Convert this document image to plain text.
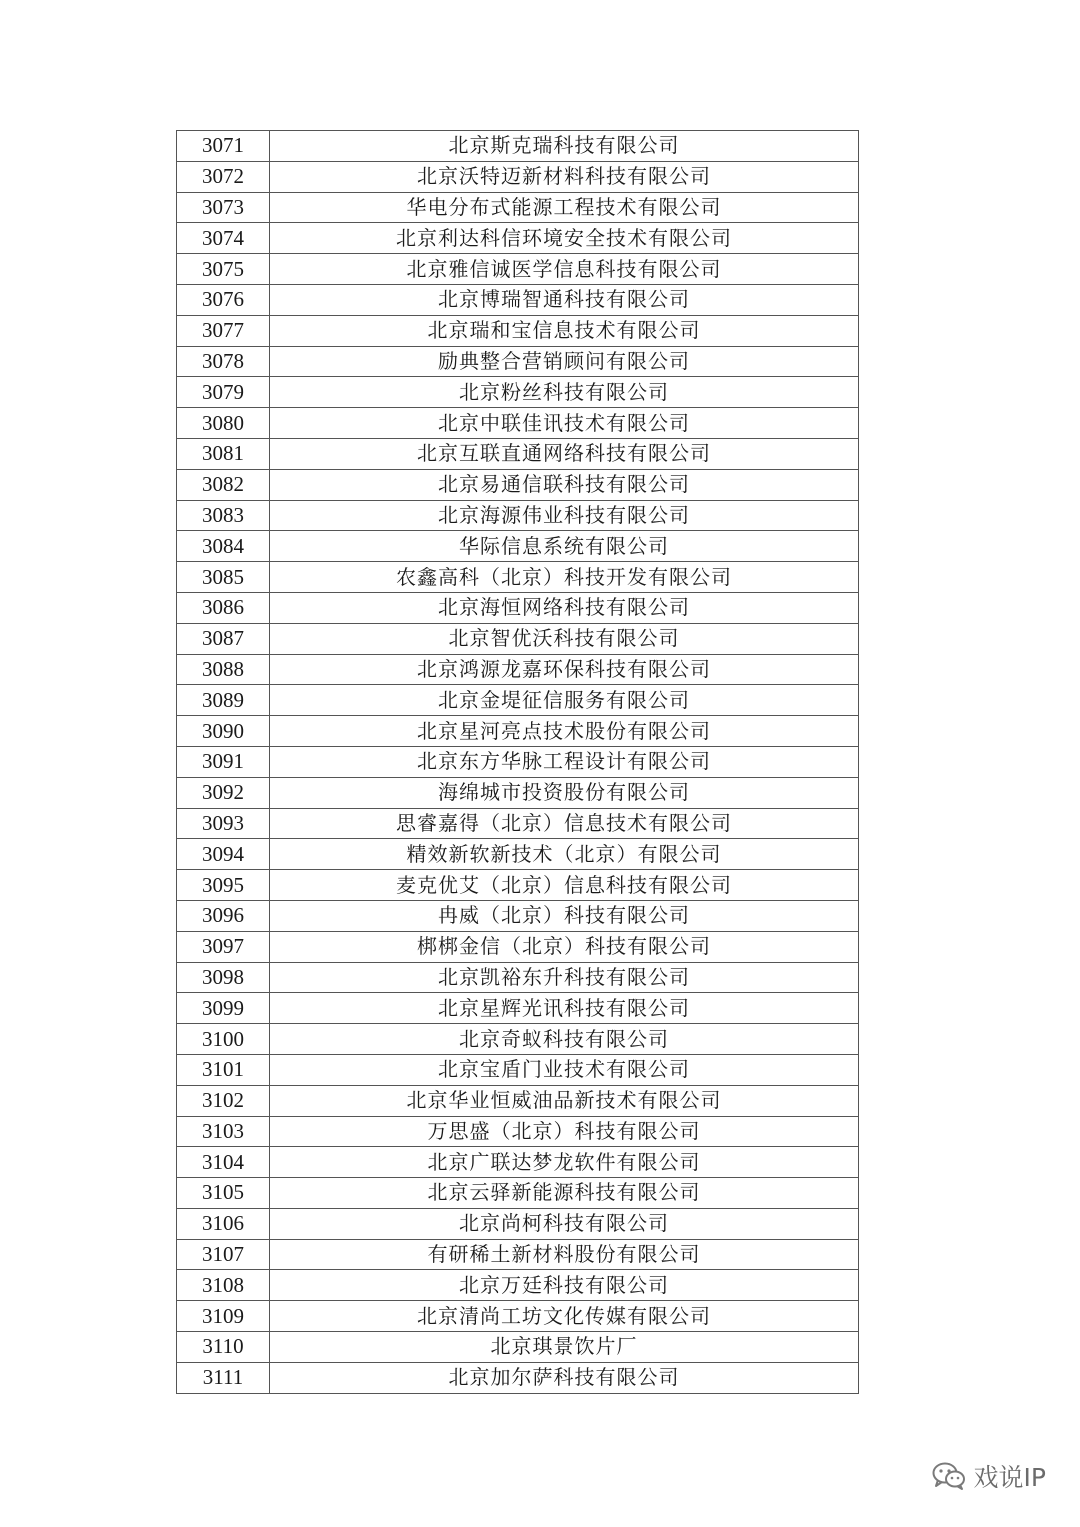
3071	北京斯克瑞科技有限公司
3072	北京沃特迈新材料科技有限公司
3073	华电分布式能源工程技术有限公司
3074	北京利达科信环境安全技术有限公司
3075	北京雅信诚医学信息科技有限公司
3076	北京博瑞智通科技有限公司
3077	北京瑞和宝信息技术有限公司
3078	励典整合营销顾问有限公司
3079	北京粉丝科技有限公司
3080	北京中联佳讯技术有限公司
3081	北京互联直通网络科技有限公司
3082	北京易通信联科技有限公司
3083	北京海源伟业科技有限公司
3084	华际信息系统有限公司
3085	农鑫高科（北京）科技开发有限公司
3086	北京海恒网络科技有限公司
3087	北京智优沃科技有限公司
3088	北京鸿源龙嘉环保科技有限公司
3089	北京金堤征信服务有限公司
3090	北京星河亮点技术股份有限公司
3091	北京东方华脉工程设计有限公司
3092	海绵城市投资股份有限公司
3093	思睿嘉得（北京）信息技术有限公司
3094	精效新软新技术（北京）有限公司
3095	麦克优艾（北京）信息科技有限公司
3096	冉威（北京）科技有限公司
3097	梆梆金信（北京）科技有限公司
3098	北京凯裕东升科技有限公司
3099	北京星辉光讯科技有限公司
3100	北京奇蚁科技有限公司
3101	北京宝盾门业技术有限公司
3102	北京华业恒威油品新技术有限公司
3103	万思盛（北京）科技有限公司
3104	北京广联达梦龙软件有限公司
3105	北京云驿新能源科技有限公司
3106	北京尚柯科技有限公司
3107	有研稀土新材料股份有限公司
3108	北京万廷科技有限公司
3109	北京清尚工坊文化传媒有限公司
3110	北京琪景饮片厂
3111	北京加尔萨科技有限公司
戏说IP
